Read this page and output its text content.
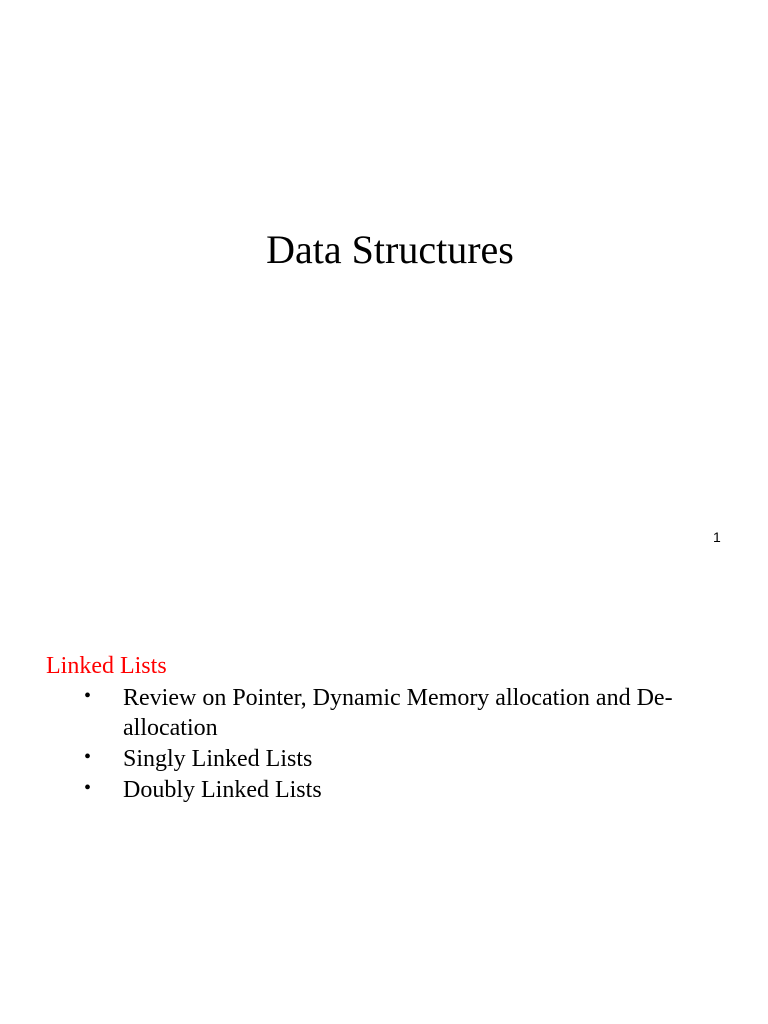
Data Structures
1
Linked Lists
• Review on Pointer, Dynamic Memory allocation and De-allocation
• Singly Linked Lists
• Doubly Linked Lists
